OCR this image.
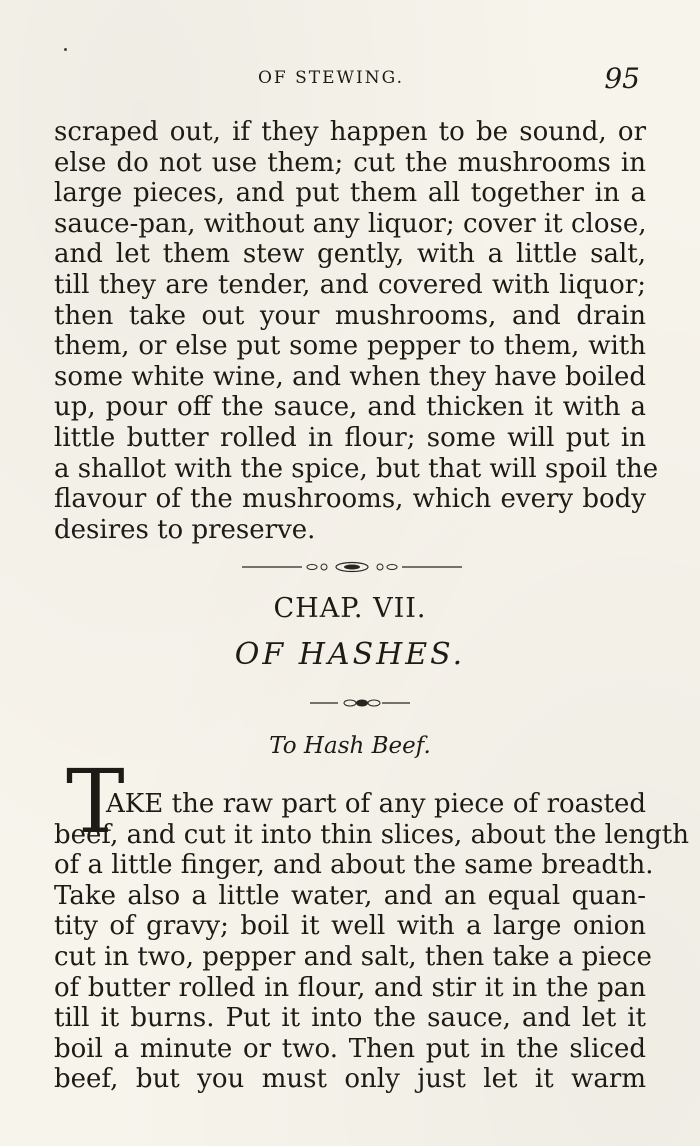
OF STEWING.	95
scraped out, if they happen to be sound, or
else do not use them; cut the mushrooms in
large pieces, and put them all together in a
sauce-pan, without any liquor; cover it close,
and let them stew gently, with a little salt,
till they are tender, and covered with liquor;
then take out your mushrooms, and drain
them, or else put some pepper to them, with
some white wine, and when they have boiled
up, pour off the sauce, and thicken it with a
little butter rolled in flour; some will put in
a shallot with the spice, but that will spoil the
flavour of the mushrooms, which every body
desires to preserve.
CHAP. VII.
OF HASHES.
To Hash Beef.
T
AKE the raw part of any piece of roasted
beef, and cut it into thin slices, about the length
of a little finger, and about the same breadth.
Take also a little water, and an equal quan-
tity of gravy; boil it well with a large onion
cut in two, pepper and salt, then take a piece
of butter rolled in flour, and stir it in the pan
till it burns. Put it into the sauce, and let it
boil a minute or two. Then put in the sliced
beef, but you must only just let it warm
